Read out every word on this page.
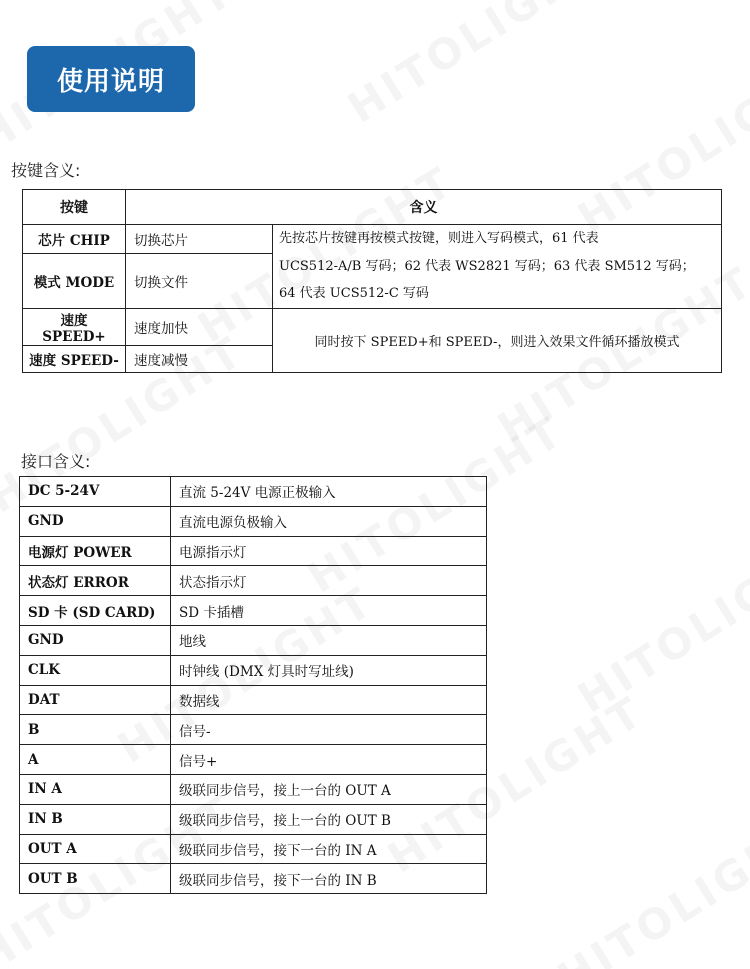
使用说明
按键含义:
按键	含义	
芯片 CHIP	切换芯片	先按芯片按键再按模式按键，则进入写码模式，61 代表
UCS512-A/B 写码；62 代表 WS2821 写码；63 代表 SM512 写码；
64 代表 UCS512-C 写码
模式 MODE	切换文件	
速度 SPEED+	速度加快	同时按下 SPEED+和 SPEED-，则进入效果文件循环播放模式
速度 SPEED-	速度减慢	
接口含义:
DC 5-24V	直流 5-24V 电源正极输入
GND	直流电源负极输入
电源灯 POWER	电源指示灯
状态灯 ERROR	状态指示灯
SD 卡 (SD CARD)	SD 卡插槽
GND	地线
CLK	时钟线 (DMX 灯具时写址线)
DAT	数据线
B	信号-
A	信号+
IN A	级联同步信号，接上一台的 OUT A
IN B	级联同步信号，接上一台的 OUT B
OUT A	级联同步信号，接下一台的 IN A
OUT B	级联同步信号，接下一台的 IN B
